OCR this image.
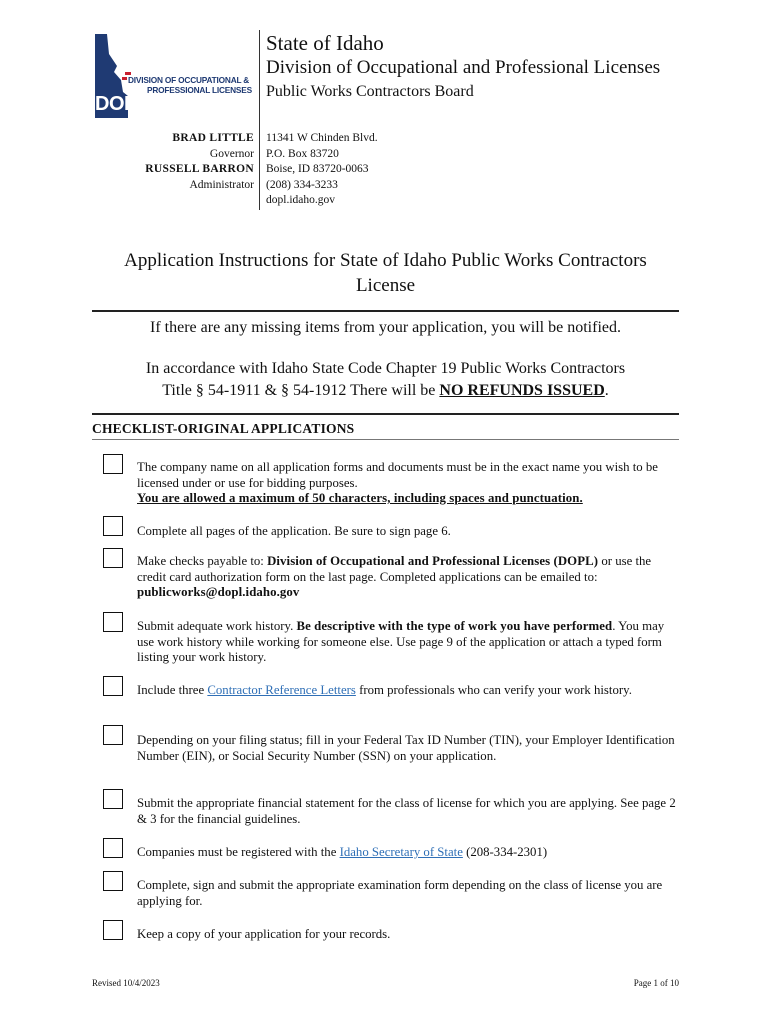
DIVISION OF OCCUPATIONAL &
PROFESSIONAL LICENSES
DOPL
State of Idaho
Division of Occupational and Professional Licenses
Public Works Contractors Board
BRAD LITTLE
Governor
RUSSELL BARRON
Administrator
11341 W Chinden Blvd.
P.O. Box 83720
Boise, ID 83720-0063
(208) 334-3233
dopl.idaho.gov
Application Instructions for State of Idaho Public Works Contractors
License
If there are any missing items from your application, you will be notified.
In accordance with Idaho State Code Chapter 19 Public Works Contractors
Title § 54-1911 & § 54-1912 There will be NO REFUNDS ISSUED.
CHECKLIST-ORIGINAL APPLICATIONS
The company name on all application forms and documents must be in the exact name you wish to be licensed under or use for bidding purposes.
You are allowed a maximum of 50 characters, including spaces and punctuation.
Complete all pages of the application. Be sure to sign page 6.
Make checks payable to: Division of Occupational and Professional Licenses (DOPL) or use the credit card authorization form on the last page. Completed applications can be emailed to: publicworks@dopl.idaho.gov
Submit adequate work history. Be descriptive with the type of work you have performed. You may use work history while working for someone else. Use page 9 of the application or attach a typed form listing your work history.
Include three Contractor Reference Letters from professionals who can verify your work history.
Depending on your filing status; fill in your Federal Tax ID Number (TIN), your Employer Identification Number (EIN), or Social Security Number (SSN) on your application.
Submit the appropriate financial statement for the class of license for which you are applying. See page 2 & 3 for the financial guidelines.
Companies must be registered with the Idaho Secretary of State (208-334-2301)
Complete, sign and submit the appropriate examination form depending on the class of license you are applying for.
Keep a copy of your application for your records.
Revised 10/4/2023	Page 1 of 10
